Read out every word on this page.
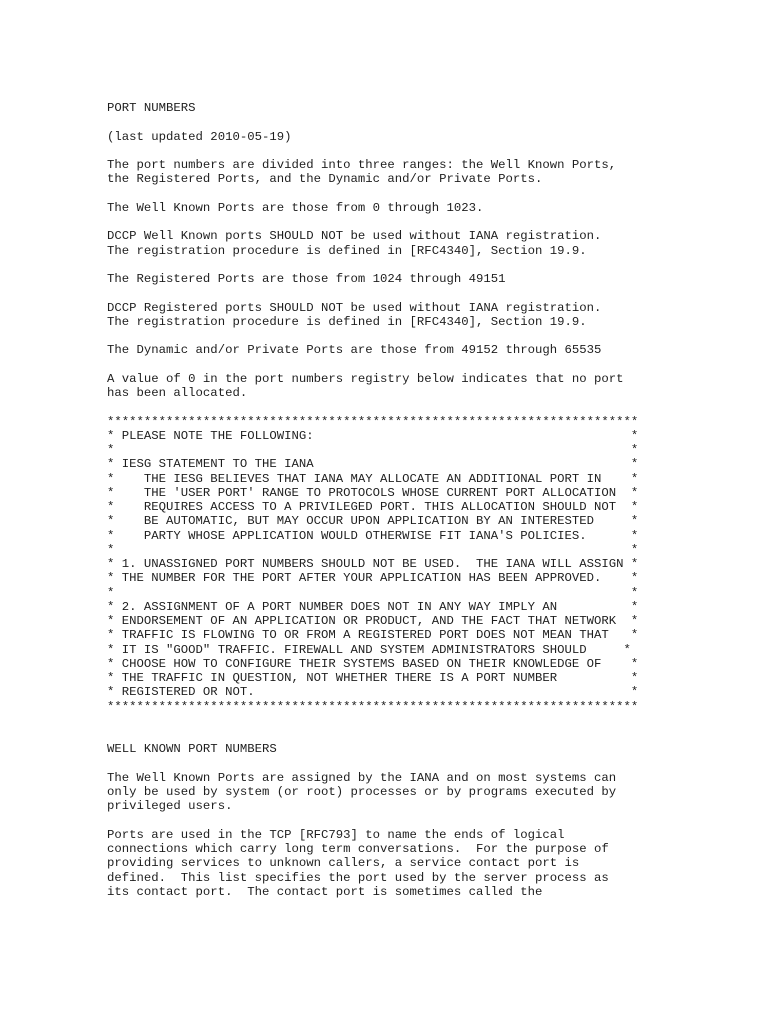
PORT NUMBERS
(last updated 2010-05-19)
The port numbers are divided into three ranges: the Well Known Ports,
the Registered Ports, and the Dynamic and/or Private Ports.
The Well Known Ports are those from 0 through 1023.
DCCP Well Known ports SHOULD NOT be used without IANA registration.
The registration procedure is defined in [RFC4340], Section 19.9.
The Registered Ports are those from 1024 through 49151
DCCP Registered ports SHOULD NOT be used without IANA registration.
The registration procedure is defined in [RFC4340], Section 19.9.
The Dynamic and/or Private Ports are those from 49152 through 65535
A value of 0 in the port numbers registry below indicates that no port
has been allocated.
************************************************************************
* PLEASE NOTE THE FOLLOWING:                                           *
*                                                                      *
* IESG STATEMENT TO THE IANA                                           *
*    THE IESG BELIEVES THAT IANA MAY ALLOCATE AN ADDITIONAL PORT IN    *
*    THE 'USER PORT' RANGE TO PROTOCOLS WHOSE CURRENT PORT ALLOCATION  *
*    REQUIRES ACCESS TO A PRIVILEGED PORT. THIS ALLOCATION SHOULD NOT  *
*    BE AUTOMATIC, BUT MAY OCCUR UPON APPLICATION BY AN INTERESTED     *
*    PARTY WHOSE APPLICATION WOULD OTHERWISE FIT IANA'S POLICIES.      *
*                                                                      *
* 1. UNASSIGNED PORT NUMBERS SHOULD NOT BE USED.  THE IANA WILL ASSIGN *
* THE NUMBER FOR THE PORT AFTER YOUR APPLICATION HAS BEEN APPROVED.    *
*                                                                      *
* 2. ASSIGNMENT OF A PORT NUMBER DOES NOT IN ANY WAY IMPLY AN          *
* ENDORSEMENT OF AN APPLICATION OR PRODUCT, AND THE FACT THAT NETWORK  *
* TRAFFIC IS FLOWING TO OR FROM A REGISTERED PORT DOES NOT MEAN THAT   *
* IT IS "GOOD" TRAFFIC. FIREWALL AND SYSTEM ADMINISTRATORS SHOULD     *
* CHOOSE HOW TO CONFIGURE THEIR SYSTEMS BASED ON THEIR KNOWLEDGE OF    *
* THE TRAFFIC IN QUESTION, NOT WHETHER THERE IS A PORT NUMBER          *
* REGISTERED OR NOT.                                                   *
************************************************************************
WELL KNOWN PORT NUMBERS
The Well Known Ports are assigned by the IANA and on most systems can
only be used by system (or root) processes or by programs executed by
privileged users.
Ports are used in the TCP [RFC793] to name the ends of logical
connections which carry long term conversations.  For the purpose of
providing services to unknown callers, a service contact port is
defined.  This list specifies the port used by the server process as
its contact port.  The contact port is sometimes called the
